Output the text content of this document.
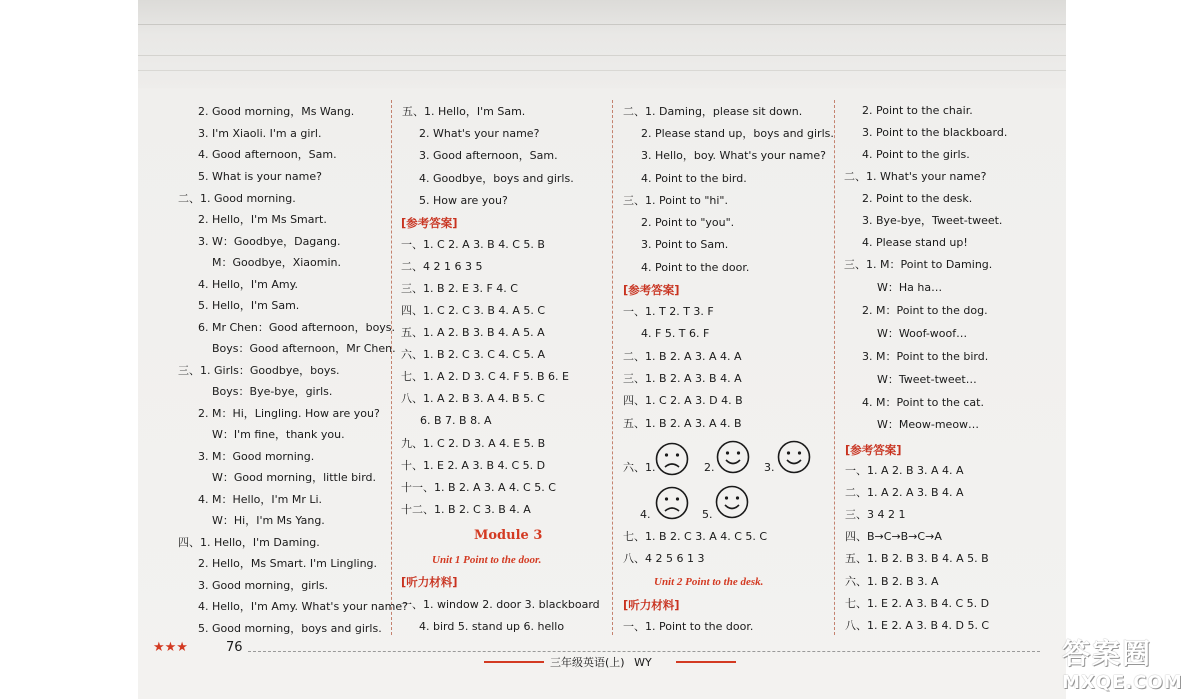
2. Good morning，Ms Wang.
3. I'm Xiaoli. I'm a girl.
4. Good afternoon，Sam.
5. What is your name?
二、1. Good morning.
2. Hello，I'm Ms Smart.
3. W：Goodbye，Dagang.
M：Goodbye，Xiaomin.
4. Hello，I'm Amy.
5. Hello，I'm Sam.
6. Mr Chen：Good afternoon，boys.
Boys：Good afternoon，Mr Chen.
三、1. Girls：Goodbye，boys.
Boys：Bye-bye，girls.
2. M：Hi，Lingling. How are you?
W：I'm fine，thank you.
3. M：Good morning.
W：Good morning，little bird.
4. M：Hello，I'm Mr Li.
W：Hi，I'm Ms Yang.
四、1. Hello，I'm Daming.
2. Hello，Ms Smart. I'm Lingling.
3. Good morning，girls.
4. Hello，I'm Amy. What's your name?
5. Good morning，boys and girls.
五、1. Hello，I'm Sam.
2. What's your name?
3. Good afternoon，Sam.
4. Goodbye，boys and girls.
5. How are you?
[参考答案]
一、1. C 2. A 3. B 4. C 5. B
二、4 2 1 6 3 5
三、1. B 2. E 3. F 4. C
四、1. C 2. C 3. B 4. A 5. C
五、1. A 2. B 3. B 4. A 5. A
六、1. B 2. C 3. C 4. C 5. A
七、1. A 2. D 3. C 4. F 5. B 6. E
八、1. A 2. B 3. A 4. B 5. C
6. B 7. B 8. A
九、1. C 2. D 3. A 4. E 5. B
十、1. E 2. A 3. B 4. C 5. D
十一、1. B 2. A 3. A 4. C 5. C
十二、1. B 2. C 3. B 4. A
Module 3
Unit 1 Point to the door.
[听力材料]
一、1. window 2. door 3. blackboard
4. bird 5. stand up 6. hello
二、1. Daming，please sit down.
2. Please stand up，boys and girls.
3. Hello，boy. What's your name?
4. Point to the bird.
三、1. Point to "hi".
2. Point to "you".
3. Point to Sam.
4. Point to the door.
[参考答案]
一、1. T 2. T 3. F
4. F 5. T 6. F
二、1. B 2. A 3. A 4. A
三、1. B 2. A 3. B 4. A
四、1. C 2. A 3. D 4. B
五、1. B 2. A 3. A 4. B
六、1.	2.	3.
4.	5.
七、1. B 2. C 3. A 4. C 5. C
八、4 2 5 6 1 3
Unit 2 Point to the desk.
[听力材料]
一、1. Point to the door.
2. Point to the chair.
3. Point to the blackboard.
4. Point to the girls.
二、1. What's your name?
2. Point to the desk.
3. Bye-bye，Tweet-tweet.
4. Please stand up!
三、1. M：Point to Daming.
W：Ha ha…
2. M：Point to the dog.
W：Woof-woof…
3. M：Point to the bird.
W：Tweet-tweet…
4. M：Point to the cat.
W：Meow-meow…
[参考答案]
一、1. A 2. B 3. A 4. A
二、1. A 2. A 3. B 4. A
三、3 4 2 1
四、B→C→B→C→A
五、1. B 2. B 3. B 4. A 5. B
六、1. B 2. B 3. A
七、1. E 2. A 3. B 4. C 5. D
八、1. E 2. A 3. B 4. D 5. C
★★★	76
三年级英语(上) WY	答案圈
MXQE.COM
